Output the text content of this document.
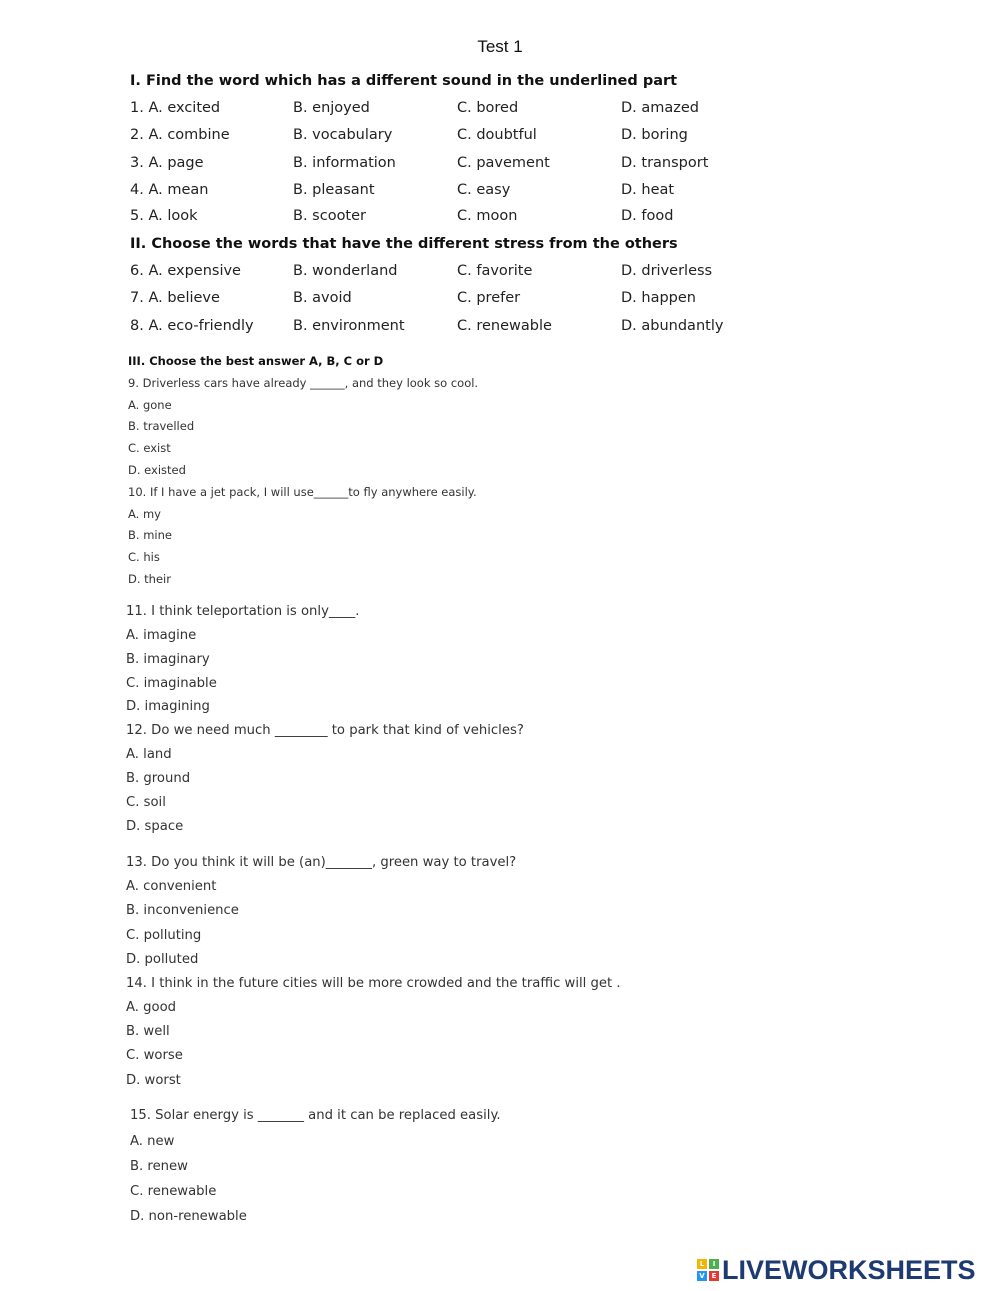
Test 1
I. Find the word which has a different sound in the underlined part
1. A. excited	B. enjoyed	C. bored	D. amazed
2. A. combine	B. vocabulary	C. doubtful	D. boring
3. A. page	B. information	C. pavement	D. transport
4. A. mean	B. pleasant	C. easy	D. heat
5. A. look	B. scooter	C. moon	D. food
II. Choose the words that have the different stress from the others
6. A. expensive	B. wonderland	C. favorite	D. driverless
7. A. believe	B. avoid	C. prefer	D. happen
8. A. eco-friendly	B. environment	C. renewable	D. abundantly
III. Choose the best answer A, B, C or D
9. Driverless cars have already ______, and they look so cool.
A. gone
B. travelled
C. exist
D. existed
10. If I have a jet pack, I will use______to fly anywhere easily.
A. my
B. mine
C. his
D. their
11. I think teleportation is only____.
A. imagine
B. imaginary
C. imaginable
D. imagining
12. Do we need much ________ to park that kind of vehicles?
A. land
B. ground
C. soil
D. space
13. Do you think it will be (an)_______, green way to travel?
A. convenient
B. inconvenience
C. polluting
D. polluted
14. I think in the future cities will be more crowded and the traffic will get .
A. good
B. well
C. worse
D. worst
15. Solar energy is _______ and it can be replaced easily.
A. new
B. renew
C. renewable
D. non-renewable
L	I
V E LIVEWORKSHEETS
